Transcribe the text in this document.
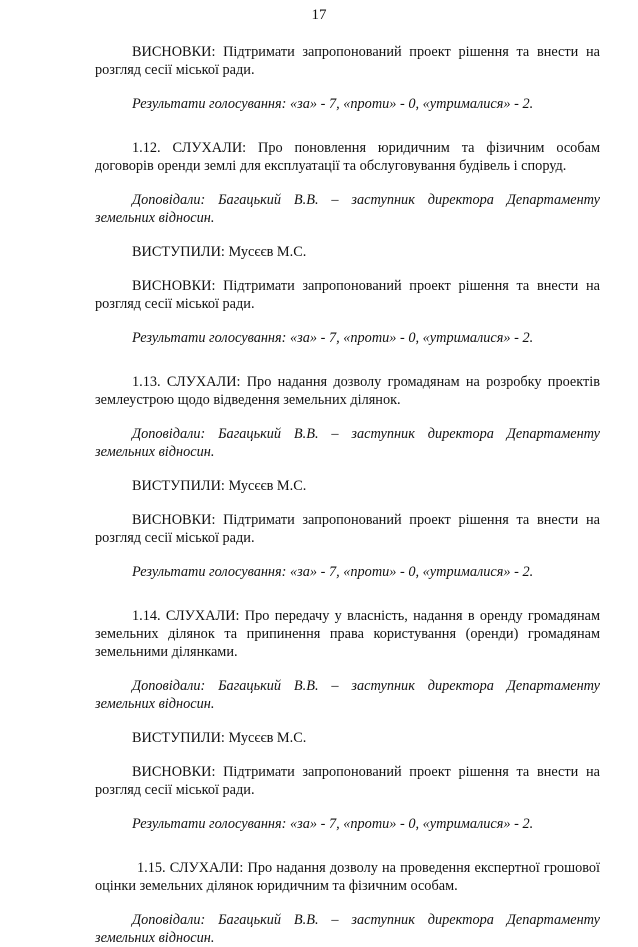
17

ВИСНОВКИ: Підтримати запропонований проект рішення та внести на розгляд сесії міської ради.

Результати голосування: «за» - 7, «проти» - 0, «утрималися» - 2.

1.12. СЛУХАЛИ: Про поновлення юридичним та фізичним особам договорів оренди землі для експлуатації та обслуговування будівель і споруд.

Доповідали: Багацький В.В. – заступник директора Департаменту земельних відносин.

ВИСТУПИЛИ: Мусєєв М.С.

ВИСНОВКИ: Підтримати запропонований проект рішення та внести на розгляд сесії міської ради.

Результати голосування: «за» - 7, «проти» - 0, «утрималися» - 2.

1.13. СЛУХАЛИ: Про надання дозволу громадянам на розробку проектів землеустрою щодо відведення земельних ділянок.

Доповідали: Багацький В.В. – заступник директора Департаменту земельних відносин.

ВИСТУПИЛИ: Мусєєв М.С.

ВИСНОВКИ: Підтримати запропонований проект рішення та внести на розгляд сесії міської ради.

Результати голосування: «за» - 7, «проти» - 0, «утрималися» - 2.

1.14. СЛУХАЛИ: Про передачу у власність, надання в оренду громадянам земельних ділянок та припинення права користування (оренди) громадянам земельними ділянками.

Доповідали: Багацький В.В. – заступник директора Департаменту земельних відносин.

ВИСТУПИЛИ: Мусєєв М.С.

ВИСНОВКИ: Підтримати запропонований проект рішення та внести на розгляд сесії міської ради.

Результати голосування: «за» - 7, «проти» - 0, «утрималися» - 2.

1.15. СЛУХАЛИ: Про надання дозволу на проведення експертної грошової оцінки земельних ділянок юридичним та фізичним особам.

Доповідали: Багацький В.В. – заступник директора Департаменту земельних відносин.
